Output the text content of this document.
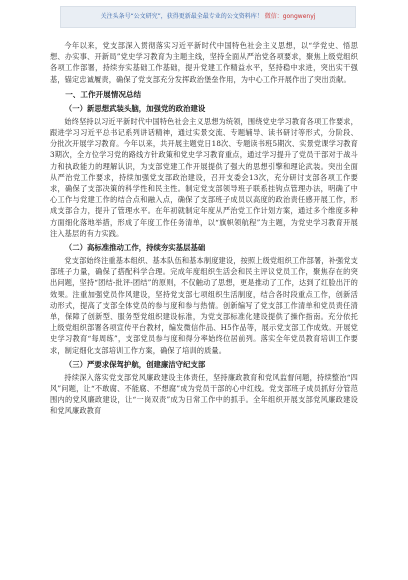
关注头条号“公文研究”，获得更新最全最专业的公文资料库！ 微信：gongwenyj

今年以来，党支部深入贯彻落实习近平新时代中国特色社会主义思想，以“学党史、悟思想、办实事、开新局”党史学习教育为主题主线，坚持全面从严治党各项要求，聚焦上级党组织各项工作部署，持续夯实基础工作基础，提升党建工作精益水平，坚持稳中求进，突出实干强基，锚定忠诚履责，确保了党支部充分发挥政治堡垒作用，为中心工作开展作出了突出贡献。

一、工作开展情况总结
（一）新思想武装头脑，加强党的政治建设

始终坚持以习近平新时代中国特色社会主义思想为统领，围绕党史学习教育各项工作要求，跟进学习习近平总书记系列讲话精神，通过实景交流、专题辅导、读书研讨等形式，分阶段、分批次开展学习教育。今年以来，共开展主题党日18次、专题读书班5期次、实景党课学习教育3期次，全方位学习党的路线方针政策和党史学习教育重点，通过学习提升了党员干部对于战斗力和执政能力的理解认识，为支部党建工作开展提供了强大的思想引擎和理论武装。突出全面从严治党工作要求，持续加强党支部政治建设，召开支委会13次，充分研讨支部各项工作要求，确保了支部决策的科学性和民主性。制定党支部领导班子联系挂钩点管理办法，明确了中心工作与党建工作的结合点和融入点，确保了支部班子成员以高度的政治责任感开展工作，形成支部合力，提升了管理水平。在年初就制定年度从严治党工作计划方案，通过多个维度多种方面细化落地举措，形成了年度工作任务清单，以“旗帜领航程”为主题，为党史学习教育开展注入基层的有力实践。

（二）高标准推动工作，持续夯实基层基础

党支部始终注重基本组织、基本队伍和基本制度建设，按照上级党组织工作部署，补强党支部班子力量，确保了搭配科学合理。完成年度组织生活会和民主评议党员工作，聚焦存在的突出问题，坚持“团结-批评-团结”的原则，不仅触动了思想，更是推动了工作，达到了红脸出汗的效果。注重加强党员作风建设，坚持党支部七项组织生活制度，结合各时段重点工作，创新活动形式，提高了支部全体党员的参与度和参与热情。创新编写了党支部工作清单和党员责任清单，保障了创新型、服务型党组织建设标准，为党支部标准化建设提供了操作指南。充分依托上级党组织部署各项宣传平台教材，编发微信作品、H5作品等，展示党支部工作成效。开展党史学习教育“每周练”，支部党员参与度和得分率始终位居前列。落实全年党员教育培训工作要求，制定细化支部培训工作方案，确保了培训的质量。

（三）严要求保驾护航，创建廉洁守纪支部

持续深入落实党支部党风廉政建设主体责任，坚持廉政教育和党风监督问题，持续整治“四风”问题，让“不敢腐、不能腐、不想腐”成为党员干部的心中红线。党支部班子成员抓好分管范围内的党风廉政建设，让“一岗双责”成为日常工作中的抓手。全年组织开展支部党风廉政建设和党风廉政教育
